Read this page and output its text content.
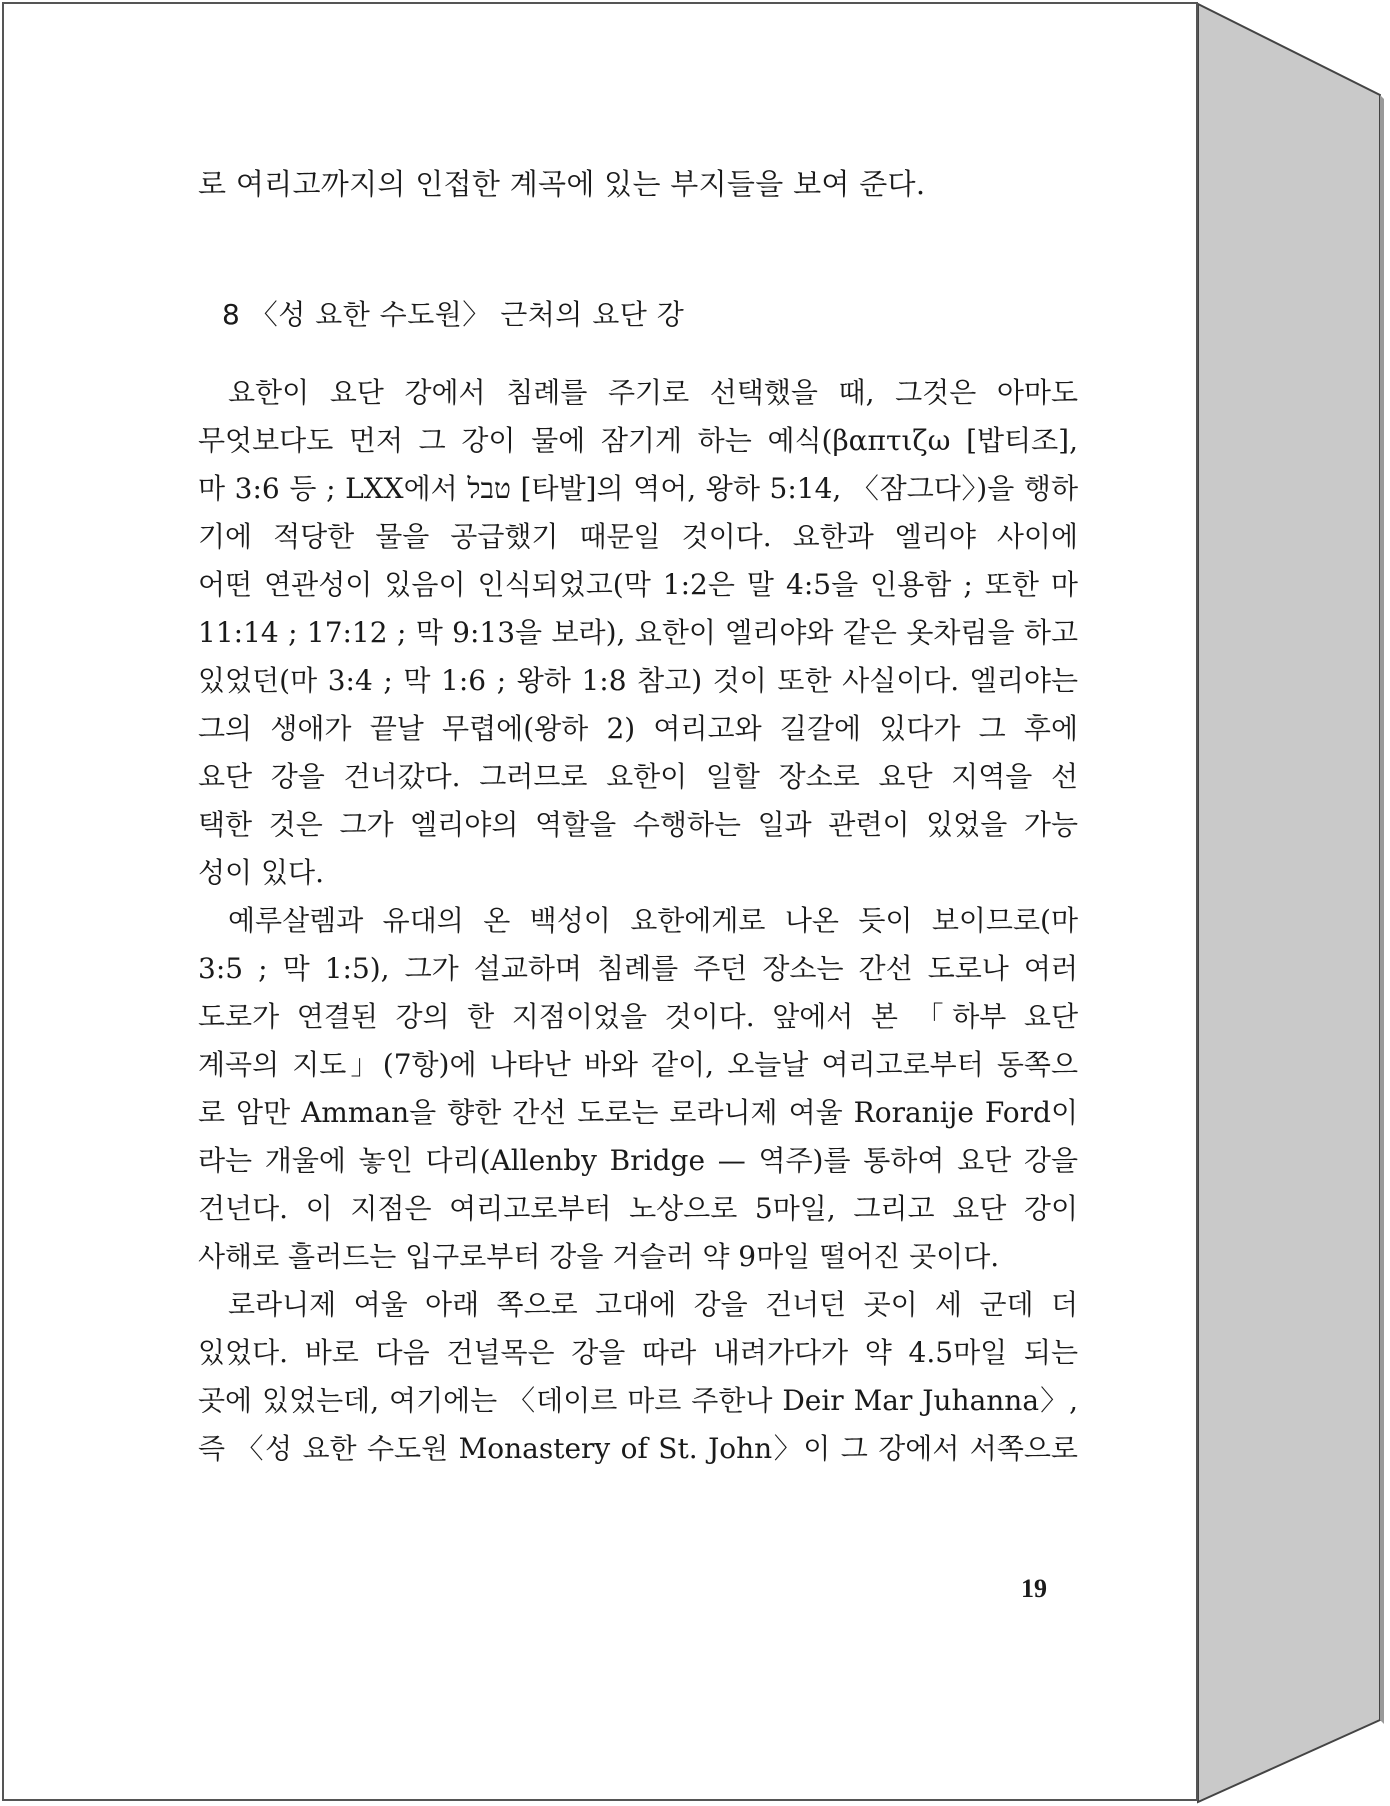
로 여리고까지의 인접한 계곡에 있는 부지들을 보여 준다.
8 〈성 요한 수도원〉 근처의 요단 강
요한이 요단 강에서 침례를 주기로 선택했을 때, 그것은 아마도
무엇보다도 먼저 그 강이 물에 잠기게 하는 예식(βαπτιζω [밥티조],
마 3:6 등 ; LXX에서 טבל [타발]의 역어, 왕하 5:14, 〈잠그다〉)을 행하
기에 적당한 물을 공급했기 때문일 것이다. 요한과 엘리야 사이에
어떤 연관성이 있음이 인식되었고(막 1:2은 말 4:5을 인용함 ; 또한 마
11:14 ; 17:12 ; 막 9:13을 보라), 요한이 엘리야와 같은 옷차림을 하고
있었던(마 3:4 ; 막 1:6 ; 왕하 1:8 참고) 것이 또한 사실이다. 엘리야는
그의 생애가 끝날 무렵에(왕하 2) 여리고와 길갈에 있다가 그 후에
요단 강을 건너갔다. 그러므로 요한이 일할 장소로 요단 지역을 선
택한 것은 그가 엘리야의 역할을 수행하는 일과 관련이 있었을 가능
성이 있다.
예루살렘과 유대의 온 백성이 요한에게로 나온 듯이 보이므로(마
3:5 ; 막 1:5), 그가 설교하며 침례를 주던 장소는 간선 도로나 여러
도로가 연결된 강의 한 지점이었을 것이다. 앞에서 본 「하부 요단
계곡의 지도」(7항)에 나타난 바와 같이, 오늘날 여리고로부터 동쪽으
로 암만 Amman을 향한 간선 도로는 로라니제 여울 Roranije Ford이
라는 개울에 놓인 다리(Allenby Bridge — 역주)를 통하여 요단 강을
건넌다. 이 지점은 여리고로부터 노상으로 5마일, 그리고 요단 강이
사해로 흘러드는 입구로부터 강을 거슬러 약 9마일 떨어진 곳이다.
로라니제 여울 아래 쪽으로 고대에 강을 건너던 곳이 세 군데 더
있었다. 바로 다음 건널목은 강을 따라 내려가다가 약 4.5마일 되는
곳에 있었는데, 여기에는 〈데이르 마르 주한나 Deir Mar Juhanna〉,
즉 〈성 요한 수도원 Monastery of St. John〉이 그 강에서 서쪽으로
19
